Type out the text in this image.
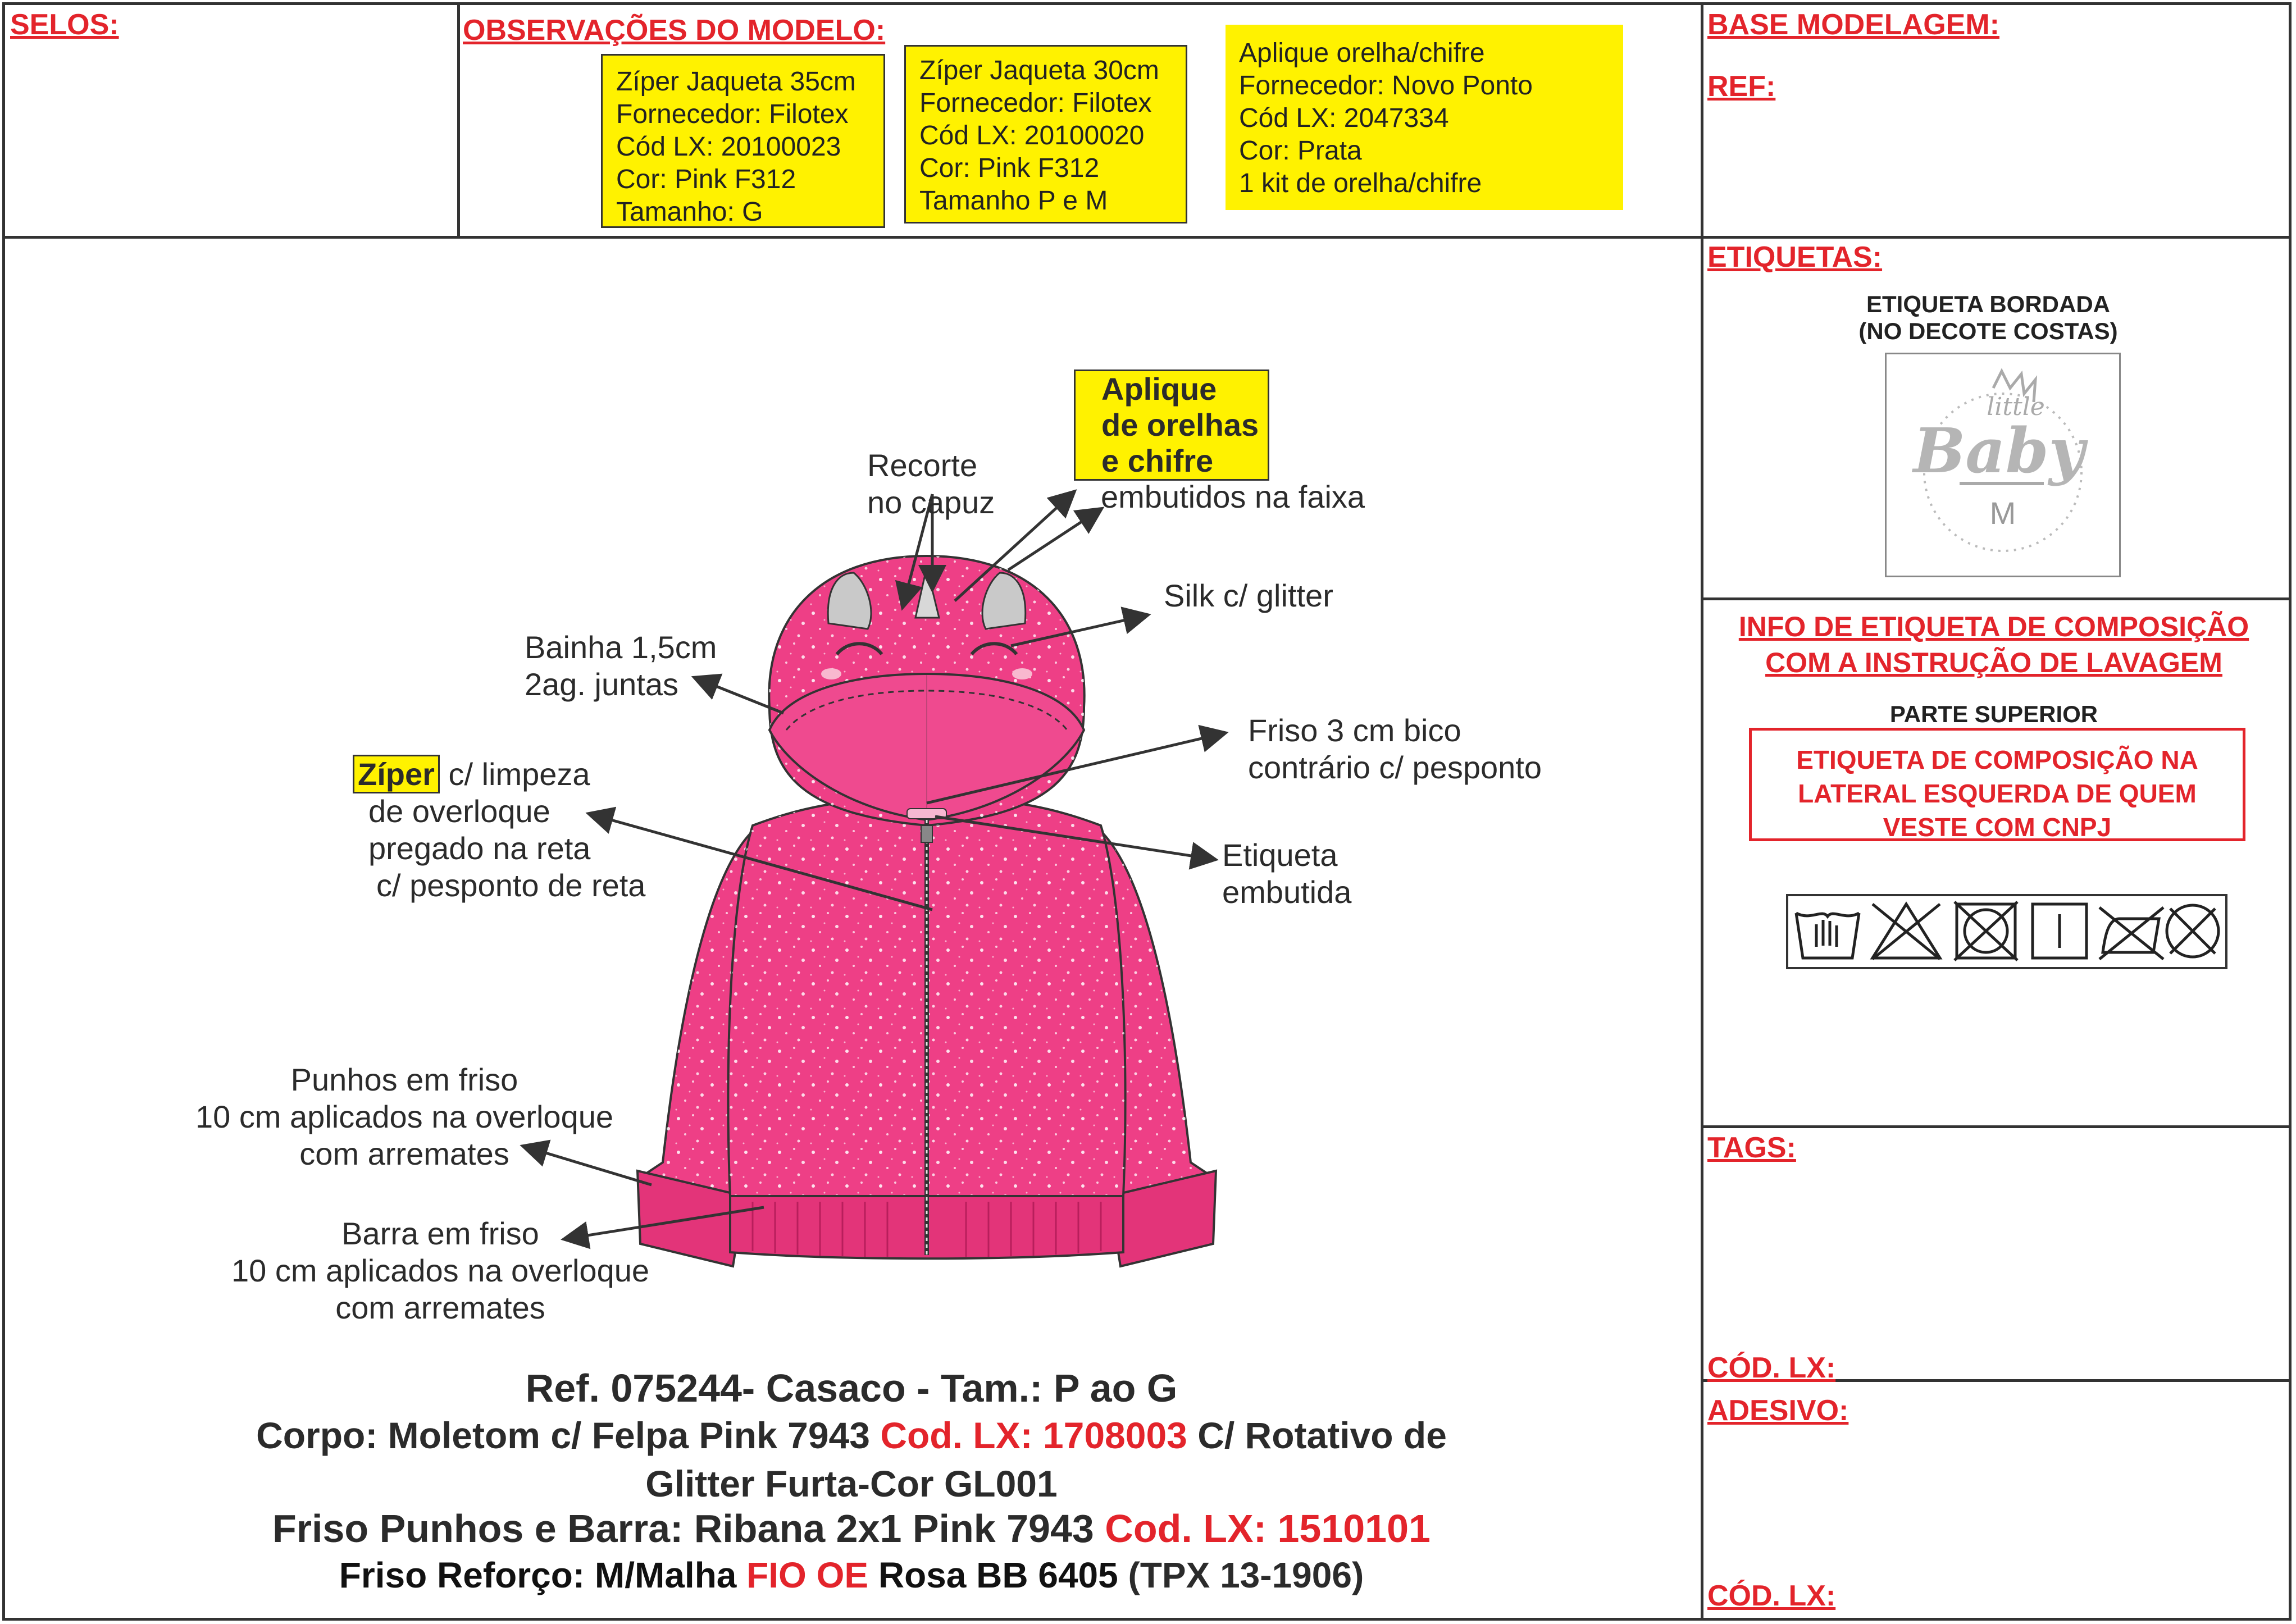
SELOS:	OBSERVAÇÕES DO MODELO:	BASE MODELAGEM:
REF:
Zíper Jaqueta 35cm
Fornecedor: Filotex
Cód LX: 20100023
Cor: Pink F312
Tamanho: G
Zíper Jaqueta 30cm
Fornecedor: Filotex
Cód LX: 20100020
Cor: Pink F312
Tamanho P e M
Aplique orelha/chifre
Fornecedor: Novo Ponto
Cód LX: 2047334
Cor: Prata
1 kit de orelha/chifre
Recorte
no capuz
Aplique
de orelhas
e chifre
embutidos na faixa
Silk c/ glitter
Bainha 1,5cm
2ag. juntas
Friso 3 cm bico
contrário c/ pesponto
Zíper c/ limpeza
de overloque
pregado na reta
c/ pesponto de reta
Etiqueta
embutida
Punhos em friso
10 cm aplicados na overloque
com arremates
Barra em friso
10 cm aplicados na overloque
com arremates
Ref. 075244- Casaco - Tam.: P ao G
Corpo: Moletom c/ Felpa Pink 7943 Cod. LX: 1708003 C/ Rotativo de
Glitter Furta-Cor GL001
Friso Punhos e Barra: Ribana 2x1 Pink 7943 Cod. LX: 1510101
Friso Reforço: M/Malha FIO OE Rosa BB 6405 (TPX 13-1906)
ETIQUETAS:
ETIQUETA BORDADA
(NO DECOTE COSTAS)
little
Baby
M
INFO DE ETIQUETA DE COMPOSIÇÃO
COM A INSTRUÇÃO DE LAVAGEM
PARTE SUPERIOR
ETIQUETA DE COMPOSIÇÃO NA
LATERAL ESQUERDA DE QUEM
VESTE COM CNPJ
TAGS:
CÓD. LX:
ADESIVO:
CÓD. LX:
